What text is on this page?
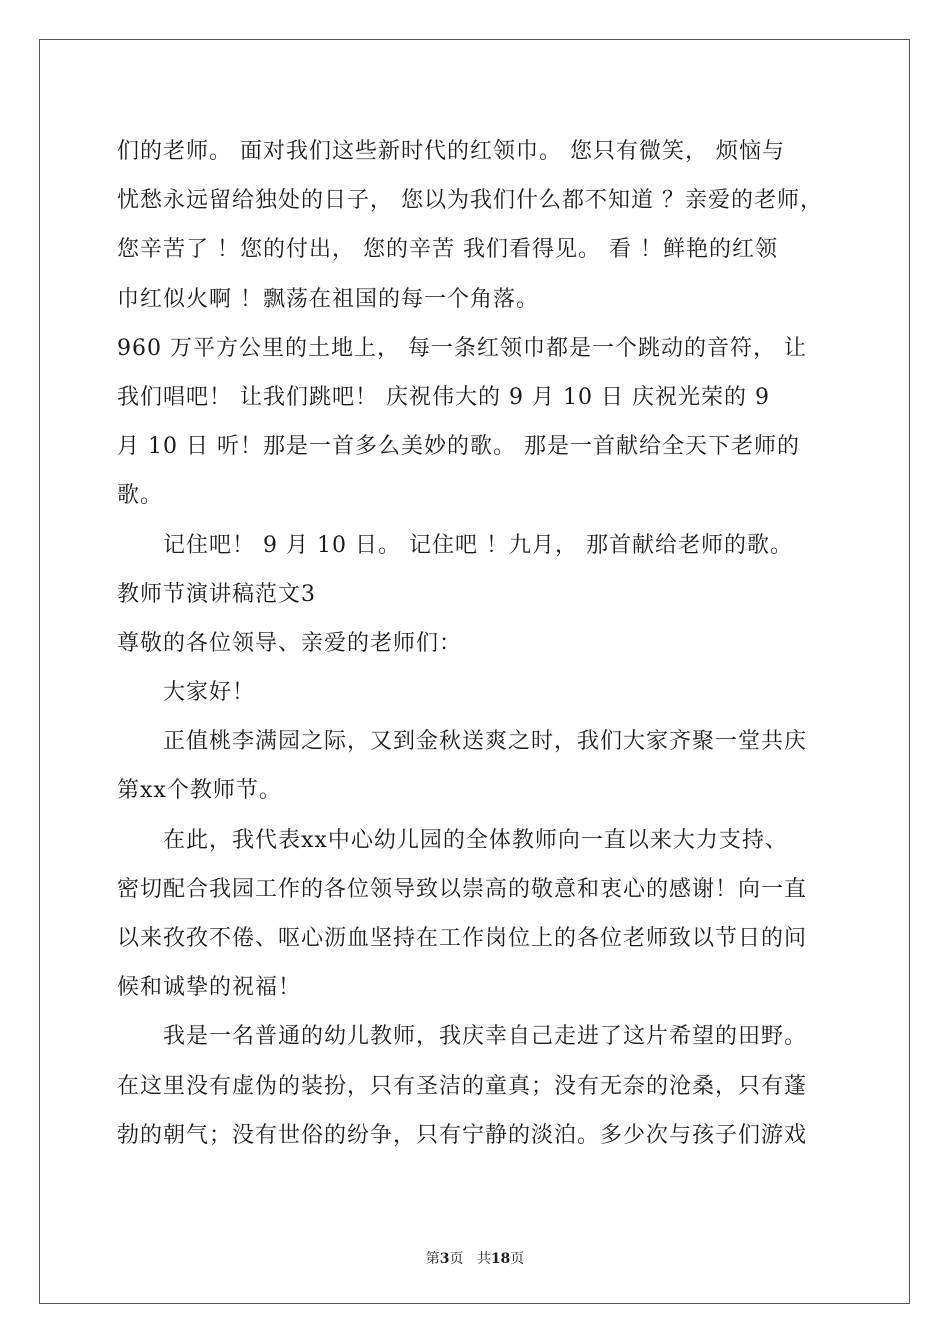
们的老师。 面对我们这些新时代的红领巾。 您只有微笑， 烦恼与
忧愁永远留给独处的日子， 您以为我们什么都不知道 ？亲爱的老师，
您辛苦了 ！您的付出， 您的辛苦 我们看得见。 看 ！鲜艳的红领
巾红似火啊 ！飘荡在祖国的每一个角落。
960 万平方公里的土地上， 每一条红领巾都是一个跳动的音符， 让
我们唱吧！ 让我们跳吧！ 庆祝伟大的 9 月 10 日 庆祝光荣的 9
月 10 日 听！那是一首多么美妙的歌。 那是一首献给全天下老师的
歌。
记住吧！ 9 月 10 日。 记住吧 ！九月， 那首献给老师的歌。
教师节演讲稿范文3
尊敬的各位领导、亲爱的老师们：
大家好！
正值桃李满园之际，又到金秋送爽之时，我们大家齐聚一堂共庆
第xx个教师节。
在此，我代表xx中心幼儿园的全体教师向一直以来大力支持、
密切配合我园工作的各位领导致以崇高的敬意和衷心的感谢！向一直
以来孜孜不倦、呕心沥血坚持在工作岗位上的各位老师致以节日的问
候和诚挚的祝福！
我是一名普通的幼儿教师，我庆幸自己走进了这片希望的田野。
在这里没有虚伪的装扮，只有圣洁的童真；没有无奈的沧桑，只有蓬
勃的朝气；没有世俗的纷争，只有宁静的淡泊。多少次与孩子们游戏
第3页 共18页
